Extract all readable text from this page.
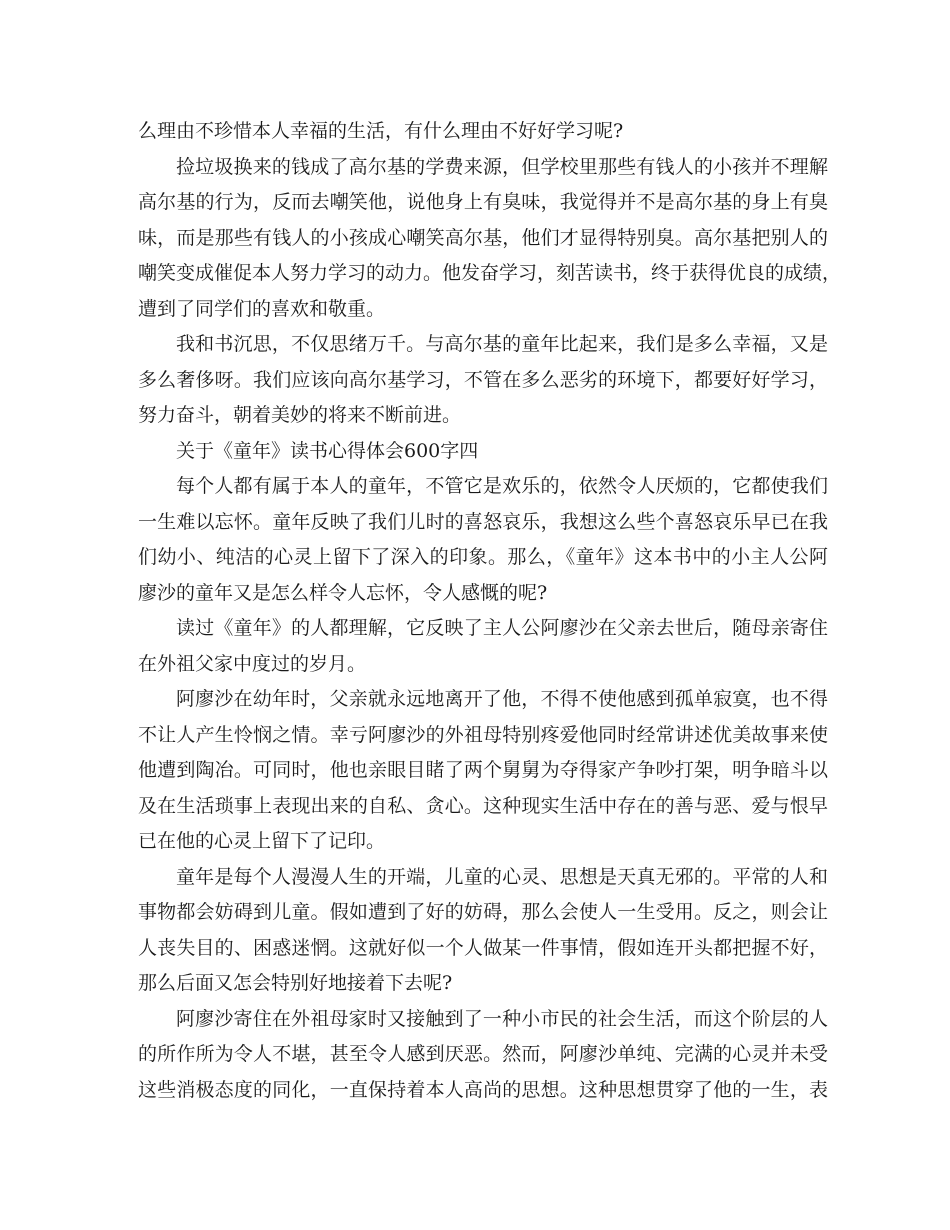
么理由不珍惜本人幸福的生活，有什么理由不好好学习呢?
捡垃圾换来的钱成了高尔基的学费来源，但学校里那些有钱人的小孩并不理解
高尔基的行为，反而去嘲笑他，说他身上有臭味，我觉得并不是高尔基的身上有臭
味，而是那些有钱人的小孩成心嘲笑高尔基，他们才显得特别臭。高尔基把别人的
嘲笑变成催促本人努力学习的动力。他发奋学习，刻苦读书，终于获得优良的成绩，
遭到了同学们的喜欢和敬重。
我和书沉思，不仅思绪万千。与高尔基的童年比起来，我们是多么幸福，又是
多么奢侈呀。我们应该向高尔基学习，不管在多么恶劣的环境下，都要好好学习，
努力奋斗，朝着美妙的将来不断前进。
关于《童年》读书心得体会600字四
每个人都有属于本人的童年，不管它是欢乐的，依然令人厌烦的，它都使我们
一生难以忘怀。童年反映了我们儿时的喜怒哀乐，我想这么些个喜怒哀乐早已在我
们幼小、纯洁的心灵上留下了深入的印象。那么，《童年》这本书中的小主人公阿
廖沙的童年又是怎么样令人忘怀，令人感慨的呢?
读过《童年》的人都理解，它反映了主人公阿廖沙在父亲去世后，随母亲寄住
在外祖父家中度过的岁月。
阿廖沙在幼年时，父亲就永远地离开了他，不得不使他感到孤单寂寞，也不得
不让人产生怜悯之情。幸亏阿廖沙的外祖母特别疼爱他同时经常讲述优美故事来使
他遭到陶冶。可同时，他也亲眼目睹了两个舅舅为夺得家产争吵打架，明争暗斗以
及在生活琐事上表现出来的自私、贪心。这种现实生活中存在的善与恶、爱与恨早
已在他的心灵上留下了记印。
童年是每个人漫漫人生的开端，儿童的心灵、思想是天真无邪的。平常的人和
事物都会妨碍到儿童。假如遭到了好的妨碍，那么会使人一生受用。反之，则会让
人丧失目的、困惑迷惘。这就好似一个人做某一件事情，假如连开头都把握不好，
那么后面又怎会特别好地接着下去呢?
阿廖沙寄住在外祖母家时又接触到了一种小市民的社会生活，而这个阶层的人
的所作所为令人不堪，甚至令人感到厌恶。然而，阿廖沙单纯、完满的心灵并未受
这些消极态度的同化，一直保持着本人高尚的思想。这种思想贯穿了他的一生，表
